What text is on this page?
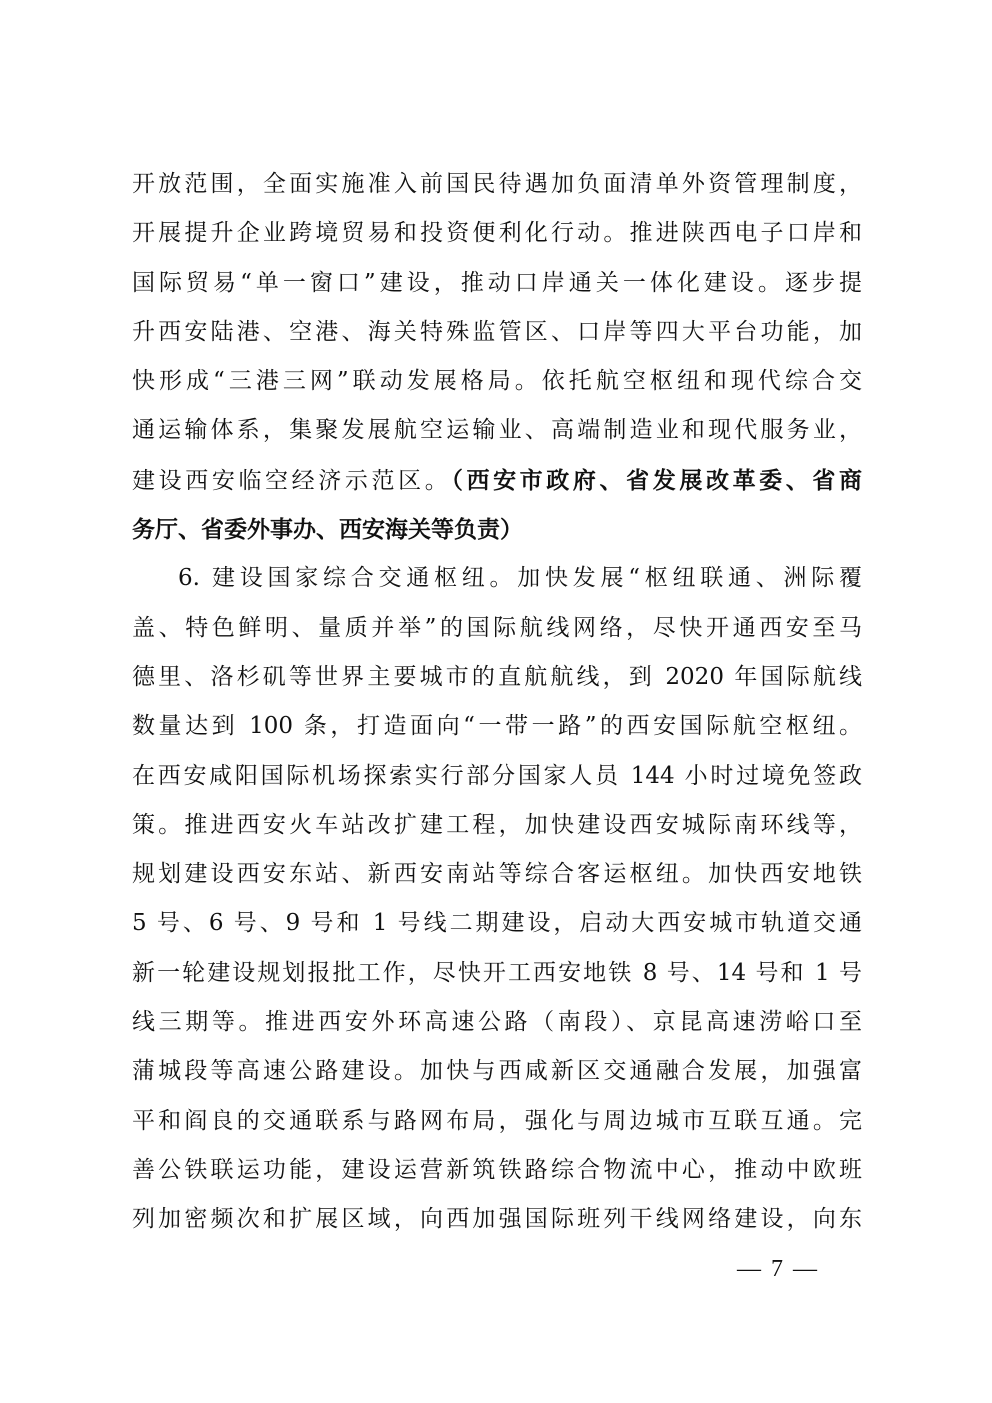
开放范围，全面实施准入前国民待遇加负面清单外资管理制度，
开展提升企业跨境贸易和投资便利化行动。推进陕西电子口岸和
国际贸易“单一窗口”建设，推动口岸通关一体化建设。逐步提
升西安陆港、空港、海关特殊监管区、口岸等四大平台功能，加
快形成“三港三网”联动发展格局。依托航空枢纽和现代综合交
通运输体系，集聚发展航空运输业、高端制造业和现代服务业，
建设西安临空经济示范区。（西安市政府、省发展改革委、省商
务厅、省委外事办、西安海关等负责）
6. 建设国家综合交通枢纽。加快发展“枢纽联通、洲际覆
盖、特色鲜明、量质并举”的国际航线网络，尽快开通西安至马
德里、洛杉矶等世界主要城市的直航航线，到 2020 年国际航线
数量达到 100 条，打造面向“一带一路”的西安国际航空枢纽。
在西安咸阳国际机场探索实行部分国家人员 144 小时过境免签政
策。推进西安火车站改扩建工程，加快建设西安城际南环线等，
规划建设西安东站、新西安南站等综合客运枢纽。加快西安地铁
5 号、6 号、9 号和 1 号线二期建设，启动大西安城市轨道交通
新一轮建设规划报批工作，尽快开工西安地铁 8 号、14 号和 1 号
线三期等。推进西安外环高速公路（南段）、京昆高速涝峪口至
蒲城段等高速公路建设。加快与西咸新区交通融合发展，加强富
平和阎良的交通联系与路网布局，强化与周边城市互联互通。完
善公铁联运功能，建设运营新筑铁路综合物流中心，推动中欧班
列加密频次和扩展区域，向西加强国际班列干线网络建设，向东
— 7 —
